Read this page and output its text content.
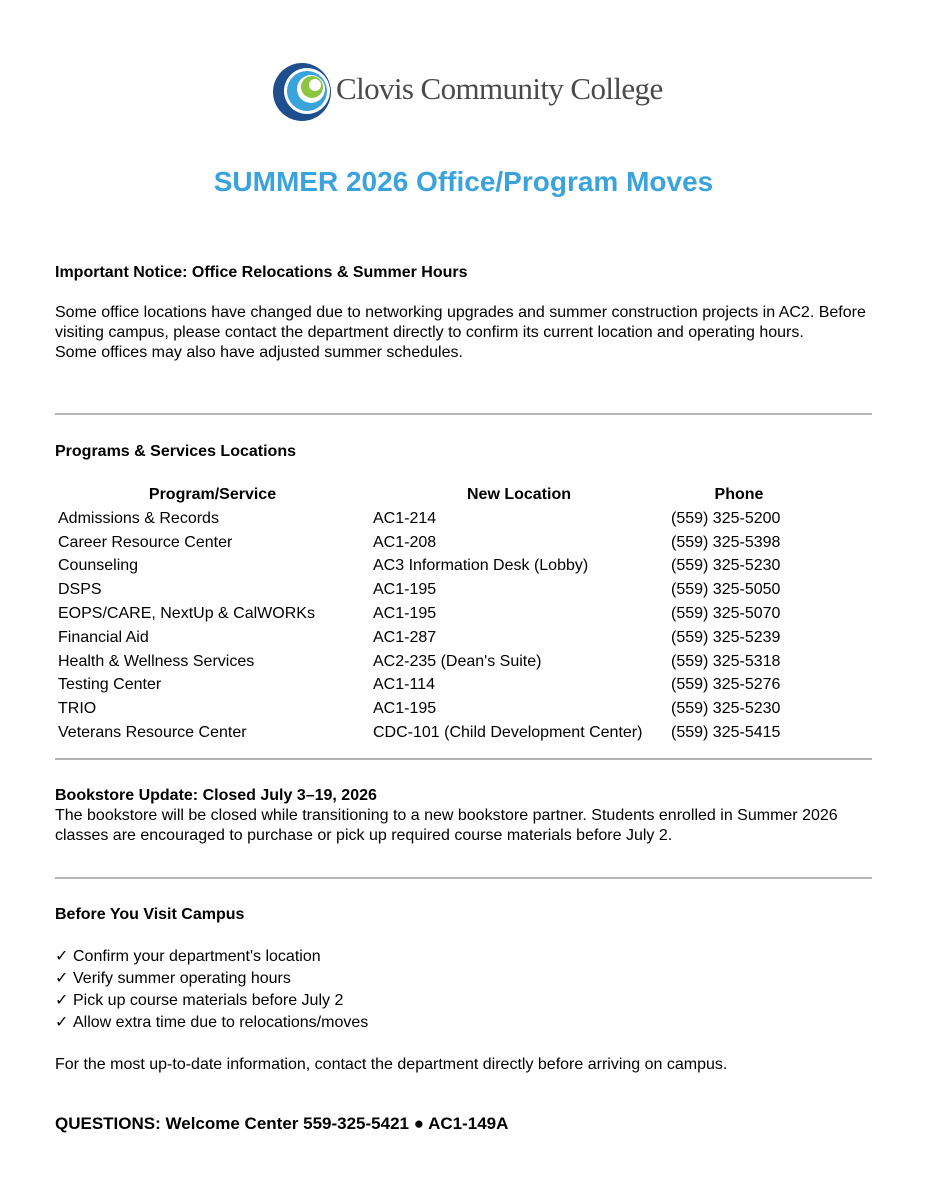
Clovis Community College
SUMMER 2026 Office/Program Moves
Important Notice: Office Relocations & Summer Hours

Some office locations have changed due to networking upgrades and summer construction projects in AC2. Before visiting campus, please contact the department directly to confirm its current location and operating hours.

Some offices may also have adjusted summer schedules.

Programs & Services Locations
Program/Service	New Location	Phone
Admissions & Records	AC1-214	(559) 325-5200
Career Resource Center	AC1-208	(559) 325-5398
Counseling	AC3 Information Desk (Lobby)	(559) 325-5230
DSPS	AC1-195	(559) 325-5050
EOPS/CARE, NextUp & CalWORKs	AC1-195	(559) 325-5070
Financial Aid	AC1-287	(559) 325-5239
Health & Wellness Services	AC2-235 (Dean's Suite)	(559) 325-5318
Testing Center	AC1-114	(559) 325-5276
TRIO	AC1-195	(559) 325-5230
Veterans Resource Center	CDC-101 (Child Development Center)	(559) 325-5415
Bookstore Update: Closed July 3–19, 2026
The bookstore will be closed while transitioning to a new bookstore partner. Students enrolled in Summer 2026 classes are encouraged to purchase or pick up required course materials before July 2.
Before You Visit Campus
✓ Confirm your department's location
✓ Verify summer operating hours
✓ Pick up course materials before July 2
✓ Allow extra time due to relocations/moves
For the most up-to-date information, contact the department directly before arriving on campus.
QUESTIONS: Welcome Center 559-325-5421 ● AC1-149A
